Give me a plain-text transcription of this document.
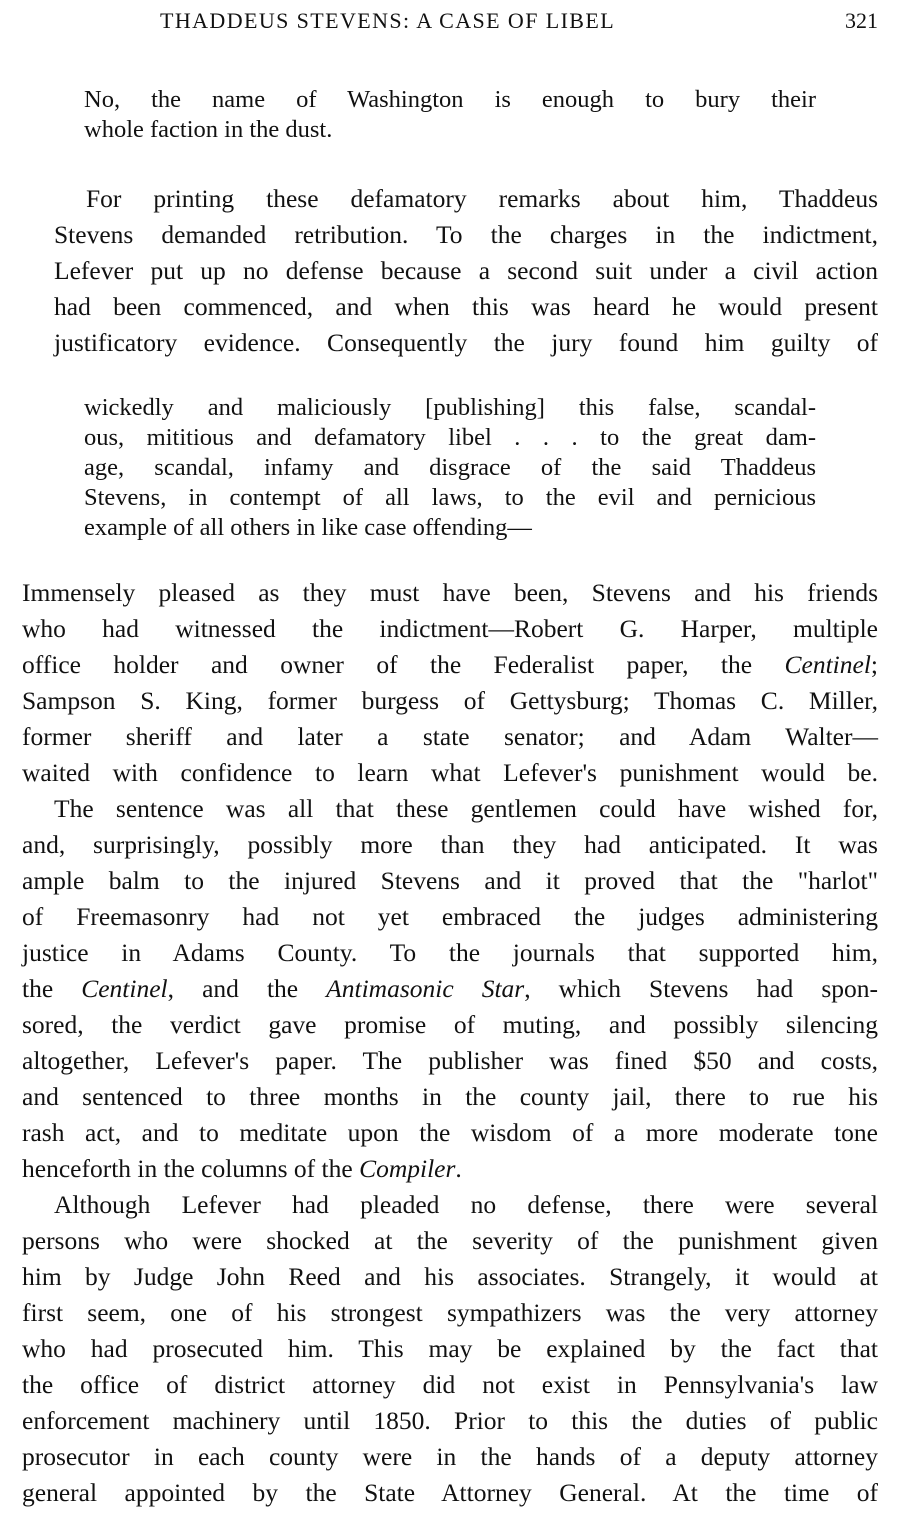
THADDEUS STEVENS: A CASE OF LIBEL	321
No, the name of Washington is enough to bury their
whole faction in the dust.
For printing these defamatory remarks about him, Thaddeus
Stevens demanded retribution. To the charges in the indictment,
Lefever put up no defense because a second suit under a civil action
had been commenced, and when this was heard he would present
justificatory evidence. Consequently the jury found him guilty of
wickedly and maliciously [publishing] this false, scandal-
ous, mititious and defamatory libel . . . to the great dam-
age, scandal, infamy and disgrace of the said Thaddeus
Stevens, in contempt of all laws, to the evil and pernicious
example of all others in like case offending—
Immensely pleased as they must have been, Stevens and his friends
who had witnessed the indictment—Robert G. Harper, multiple
office holder and owner of the Federalist paper, the Centinel;
Sampson S. King, former burgess of Gettysburg; Thomas C. Miller,
former sheriff and later a state senator; and Adam Walter—
waited with confidence to learn what Lefever's punishment would be.
The sentence was all that these gentlemen could have wished for,
and, surprisingly, possibly more than they had anticipated. It was
ample balm to the injured Stevens and it proved that the "harlot"
of Freemasonry had not yet embraced the judges administering
justice in Adams County. To the journals that supported him,
the Centinel, and the Antimasonic Star, which Stevens had spon-
sored, the verdict gave promise of muting, and possibly silencing
altogether, Lefever's paper. The publisher was fined $50 and costs,
and sentenced to three months in the county jail, there to rue his
rash act, and to meditate upon the wisdom of a more moderate tone
henceforth in the columns of the Compiler.
Although Lefever had pleaded no defense, there were several
persons who were shocked at the severity of the punishment given
him by Judge John Reed and his associates. Strangely, it would at
first seem, one of his strongest sympathizers was the very attorney
who had prosecuted him. This may be explained by the fact that
the office of district attorney did not exist in Pennsylvania's law
enforcement machinery until 1850. Prior to this the duties of public
prosecutor in each county were in the hands of a deputy attorney
general appointed by the State Attorney General. At the time of
